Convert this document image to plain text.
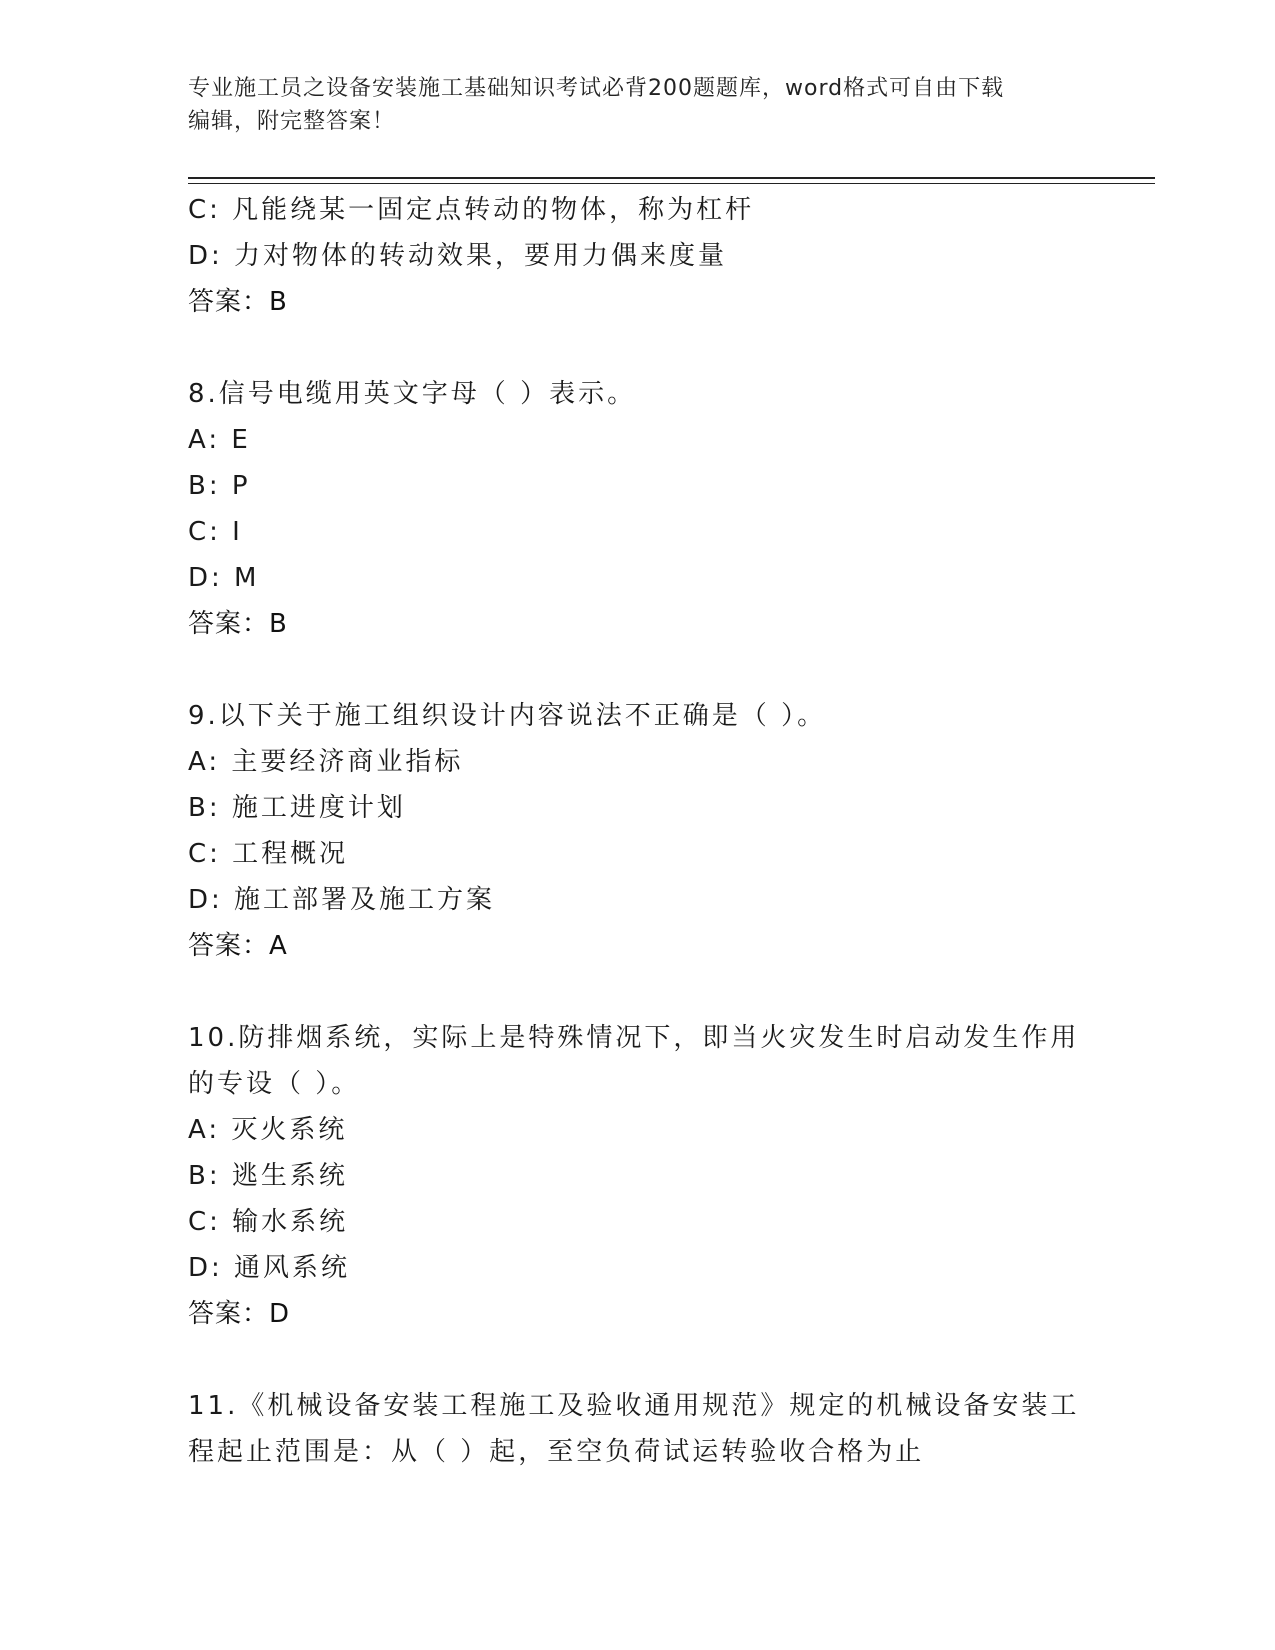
专业施工员之设备安装施工基础知识考试必背200题题库，word格式可自由下载
编辑，附完整答案！
C: 凡能绕某一固定点转动的物体，称为杠杆
D: 力对物体的转动效果，要用力偶来度量
答案：B
8.信号电缆用英文字母（ ）表示。
A: E
B: P
C: I
D: M
答案：B
9.以下关于施工组织设计内容说法不正确是（ ）。
A: 主要经济商业指标
B: 施工进度计划
C: 工程概况
D: 施工部署及施工方案
答案：A
10.防排烟系统，实际上是特殊情况下，即当火灾发生时启动发生作用
的专设（ ）。
A: 灭火系统
B: 逃生系统
C: 输水系统
D: 通风系统
答案：D
11.《机械设备安装工程施工及验收通用规范》规定的机械设备安装工
程起止范围是：从（ ）起，至空负荷试运转验收合格为止
